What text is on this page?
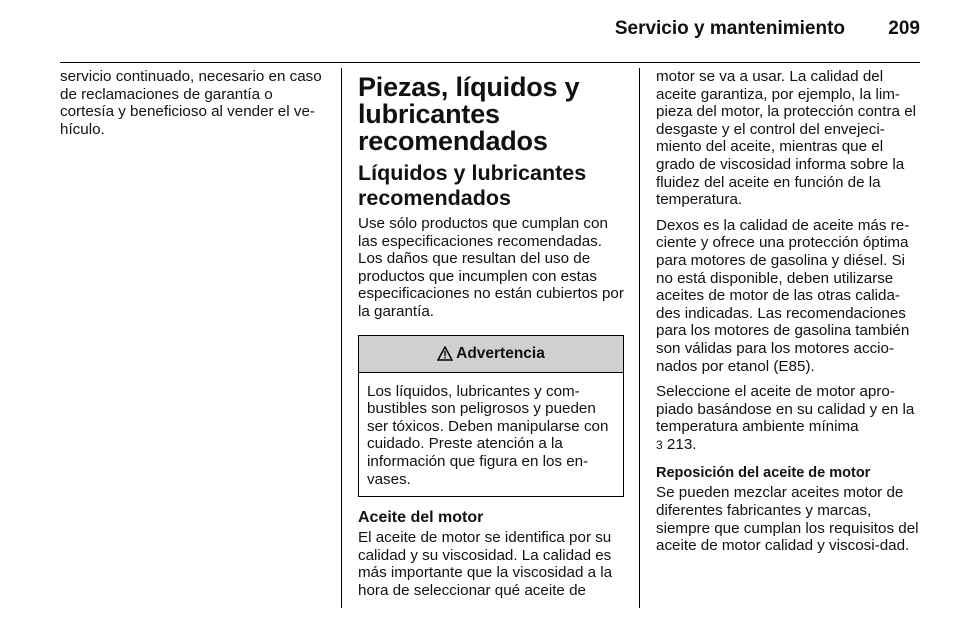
Servicio y mantenimiento 209

servicio continuado, necesario en caso de reclamaciones de garantía o cortesía y beneficioso al vender el ve-hículo.

Piezas, líquidos y lubricantes recomendados
Líquidos y lubricantes recomendados

Use sólo productos que cumplan con las especificaciones recomendadas. Los daños que resultan del uso de productos que incumplen con estas especificaciones no están cubiertos por la garantía.

Advertencia
Los líquidos, lubricantes y com-bustibles son peligrosos y pueden ser tóxicos. Deben manipularse con cuidado. Preste atención a la información que figura en los en-vases.
Aceite del motor

El aceite de motor se identifica por su calidad y su viscosidad. La calidad es más importante que la viscosidad a la hora de seleccionar qué aceite de

motor se va a usar. La calidad del aceite garantiza, por ejemplo, la lim-pieza del motor, la protección contra el desgaste y el control del envejeci-miento del aceite, mientras que el grado de viscosidad informa sobre la fluidez del aceite en función de la temperatura.

Dexos es la calidad de aceite más re-ciente y ofrece una protección óptima para motores de gasolina y diésel. Si no está disponible, deben utilizarse aceites de motor de las otras calida-des indicadas. Las recomendaciones para los motores de gasolina también son válidas para los motores accio-nados por etanol (E85).

Seleccione el aceite de motor apro-piado basándose en su calidad y en la temperatura ambiente mínima
3 213.

Reposición del aceite de motor

Se pueden mezclar aceites motor de diferentes fabricantes y marcas, siempre que cumplan los requisitos del aceite de motor calidad y viscosi-dad.
